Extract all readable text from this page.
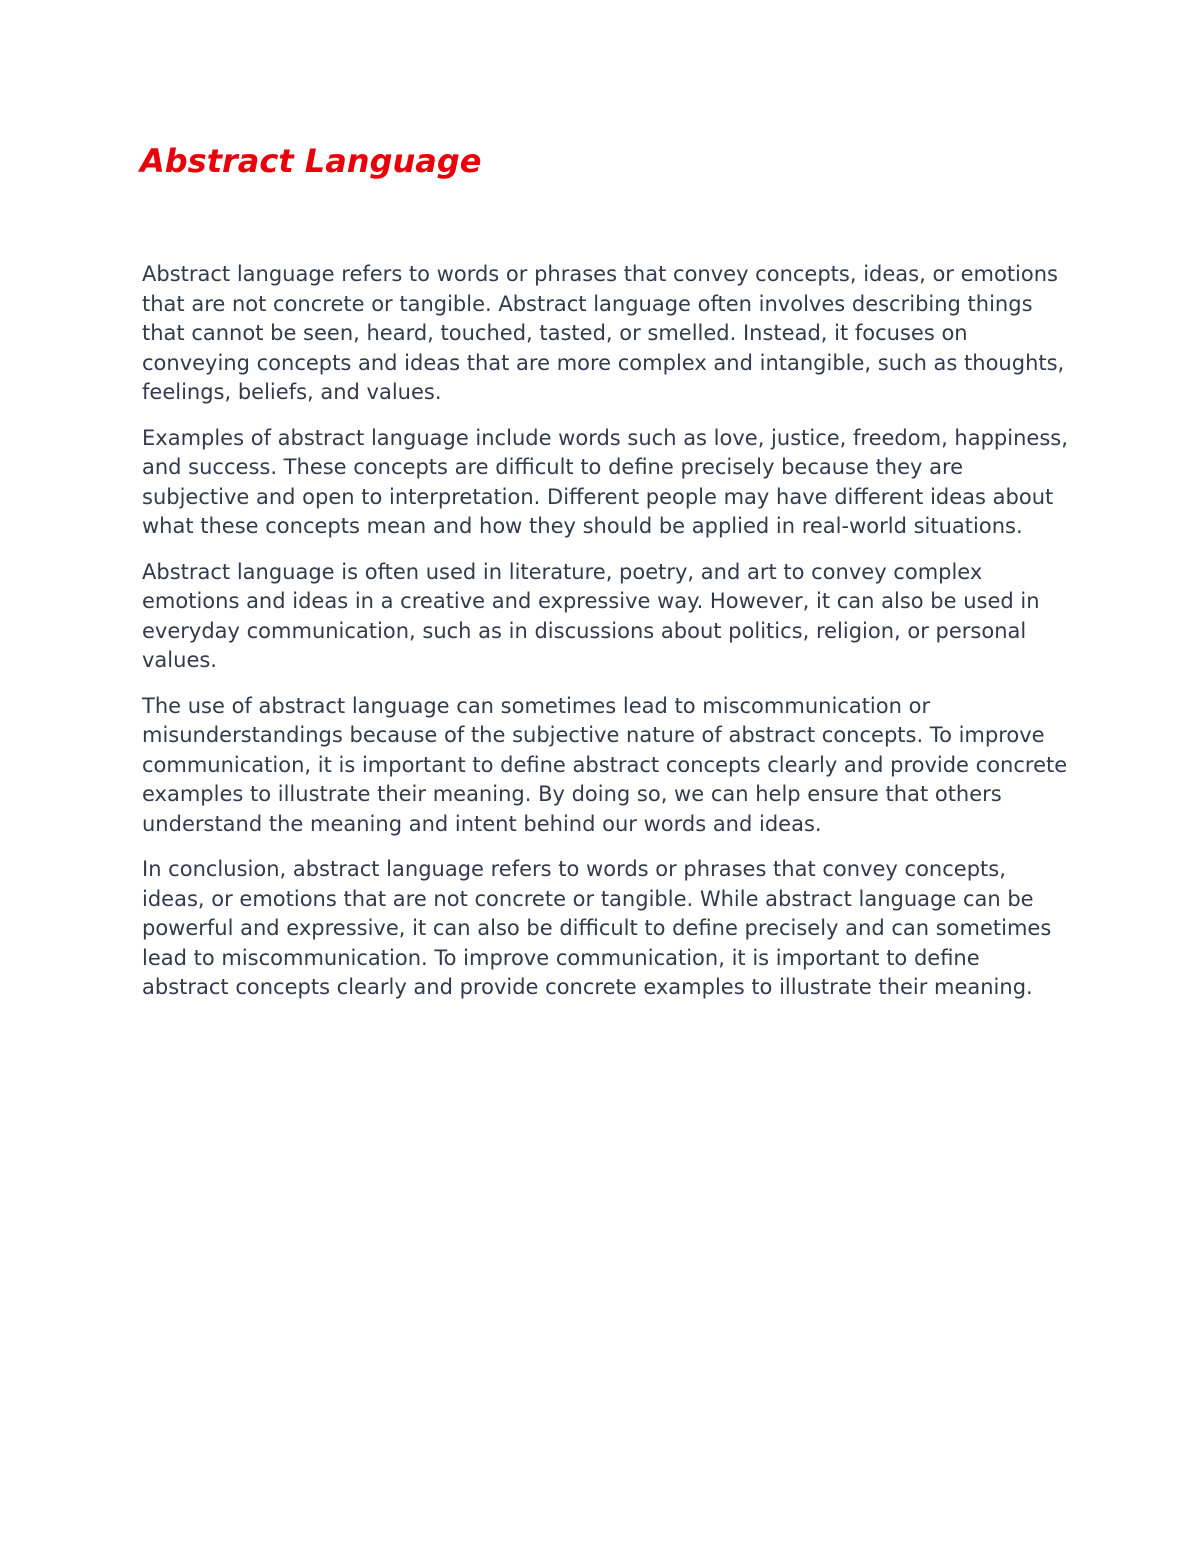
Abstract Language

Abstract language refers to words or phrases that convey concepts, ideas, or emotions that are not concrete or tangible. Abstract language often involves describing things that cannot be seen, heard, touched, tasted, or smelled. Instead, it focuses on conveying concepts and ideas that are more complex and intangible, such as thoughts, feelings, beliefs, and values.

Examples of abstract language include words such as love, justice, freedom, happiness, and success. These concepts are difficult to define precisely because they are subjective and open to interpretation. Different people may have different ideas about what these concepts mean and how they should be applied in real-world situations.

Abstract language is often used in literature, poetry, and art to convey complex emotions and ideas in a creative and expressive way. However, it can also be used in everyday communication, such as in discussions about politics, religion, or personal values.

The use of abstract language can sometimes lead to miscommunication or misunderstandings because of the subjective nature of abstract concepts. To improve communication, it is important to define abstract concepts clearly and provide concrete examples to illustrate their meaning. By doing so, we can help ensure that others understand the meaning and intent behind our words and ideas.

In conclusion, abstract language refers to words or phrases that convey concepts, ideas, or emotions that are not concrete or tangible. While abstract language can be powerful and expressive, it can also be difficult to define precisely and can sometimes lead to miscommunication. To improve communication, it is important to define abstract concepts clearly and provide concrete examples to illustrate their meaning.
